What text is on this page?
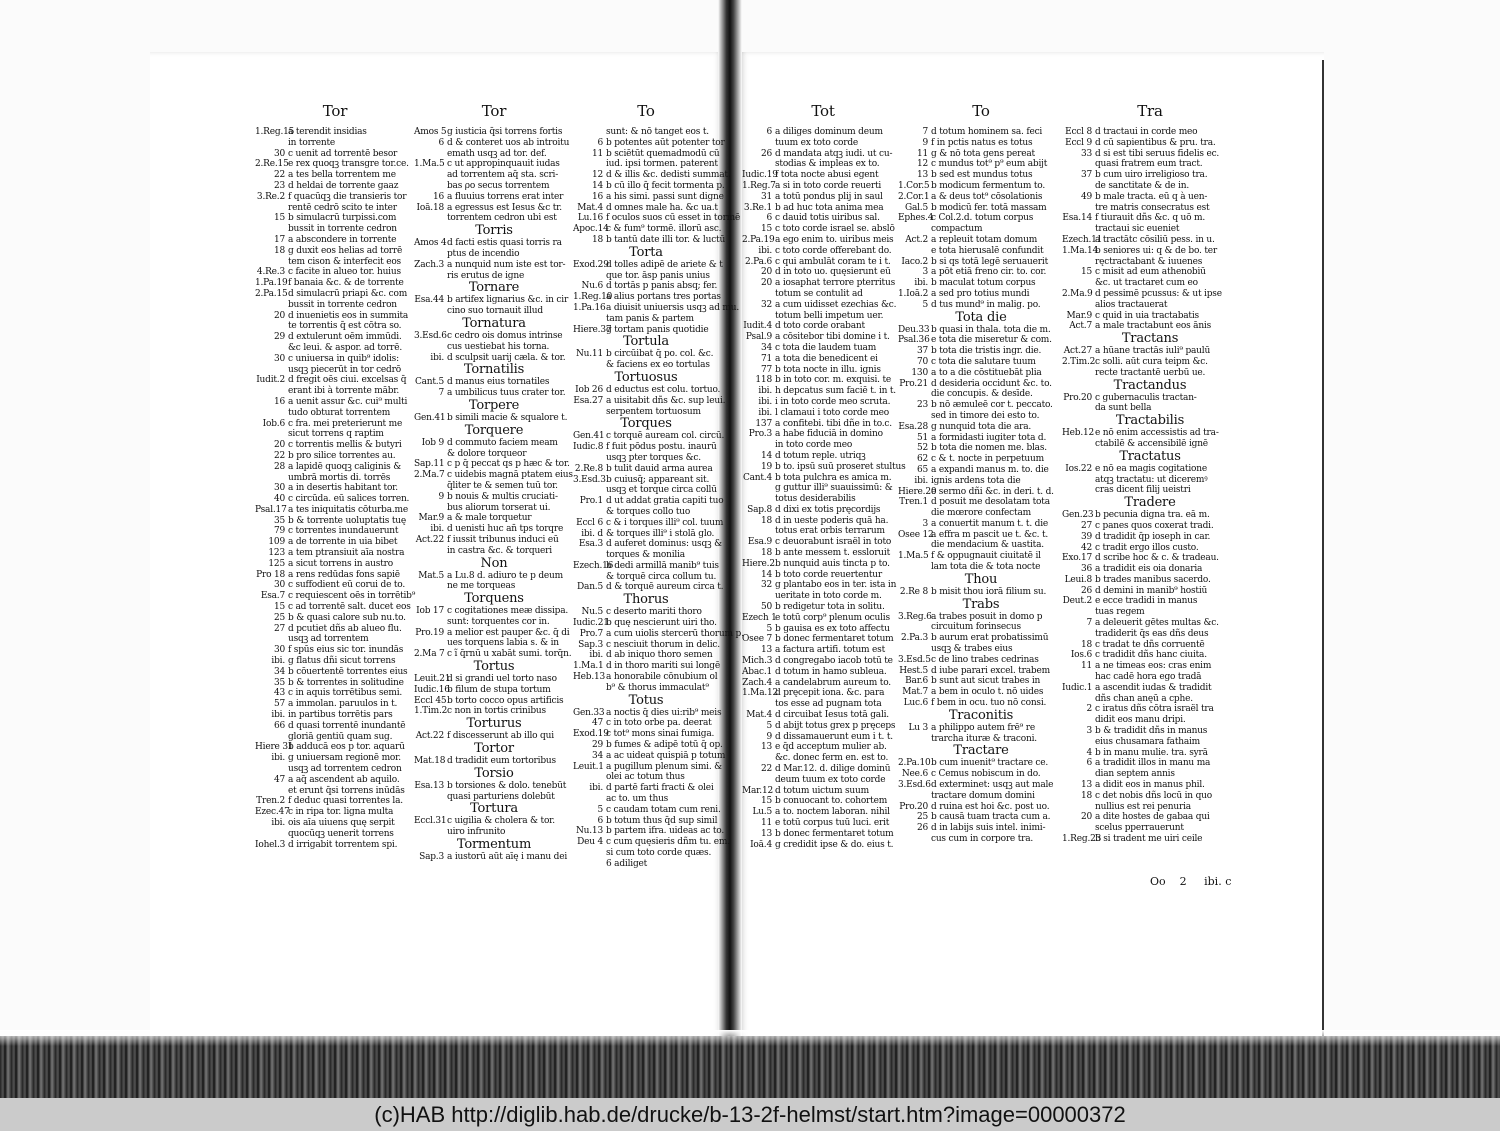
Tor
1.Reg.15
a terendit insidias
in torrente
30 c uenit ad torrentē besor
2.Re.15 e rex quoqꝫ transgre tor.ce.
22 a tes bella torrentem me
23 d heldai de torrente gaaz
3.Re.2 f quacūqꝫ die transieris tor
rentē cedrō scito te inter
15 b simulacrū turpissi.com
bussit in torrente cedron
17 a abscondere in torrente
18 g duxit eos helias ad torrē
tem cison & interfecit eos
4.Re.3 c facite in alueo tor. huius
1.Pa.19 f banaia &c. & de torrente
2.Pa.15 d simulacrū priapi &c. com
bussit in torrente cedron
20 d inuenietis eos in summita
te torrentis q̄ est cōtra so.
29 d extulerunt oēm immūdi.
&c leui. & aspor. ad torrē.
30 c uniuersa in quib⁹ idolis:
usqꝫ piecerūt in tor cedrō
Iudit.2 d fregit oēs ciui. excelsas q̄
erant ibi à torrente mābr.
16 a uenit assur &c. cui⁹ multi
tudo obturat torrentem
Iob.6 c fra. mei preterierunt me
sicut torrens q raptim
20 c torrentis mellis & butyri
22 b pro silice torrentes au.
28 a lapidē quoqꝫ caliginis &
umbrā mortis di. torrēs
30 a in desertis habitant tor.
40 c circūda. eū salices torren.
Psal.17 a tes iniquitatis cōturba.me
35 b & torrente uoluptatis tuę
79 c torrentes inundauerunt
109 a de torrente in uia bibet
123 a tem ptransiuit aīa nostra
125 a sicut torrens in austro
Pro 18 a rens redūdas fons sapiē
30 c suffodient eū corui de to.
Esa.7 c requiescent oēs in torrētib⁹
15 c ad torrentē salt. ducet eos
25 b & quasi calore sub nu.to.
27 d pcutiet dñs ab alueo flu.
usqꝫ ad torrentem
30 f spūs eius sic tor. inundās
ibi. g flatus dñi sicut torrens
34 b cōuertentē torrentes eius
35 b & torrentes in solitudine
43 c in aquis torrētibus semi.
57 a immolan. paruulos in t.
ibi. in partibus torrētis pars
66 d quasi torrentē inundantē
gloriā gentiū quam sug.
Hiere 31
b adducā eos p tor. aquarū
ibi. g uniuersam regionē mor.
usqꝫ ad torrentem cedron
47 a aq̄ ascendent ab aquilo.
et erunt q̄si torrens inūdās
Tren.2 f deduc quasi torrentes la.
Ezec.47
c in ripa tor. ligna multa
ibi. ois aīa uiuens quę serpit
quocūqꝫ uenerit torrens
Iohel.3 d irrigabit torrentem spi.
Tor
Amos 5 g iusticia q̄si torrens fortis
6 d & conteret uos ab introitu
emath usqꝫ ad tor. def.
1.Ma.5 c ut appropinquauit iudas
ad torrentem aq̄ sta. scri-
bas ρο secus torrentem
16 a fluuius torrens erat inter
Ioā.18 a egressus est Iesus &c tr.
torrentem cedron ubi est
Torris
Amos 4 d facti estis quasi torris ra
ptus de incendio
Zach.3 a nunquid num iste est tor-
ris erutus de igne
Tornare
Esa.44 b artifex lignarius &c. in cir
cino suo tornauit illud
Tornatura
3.Esd.6 c cedro ois domus intrinse
cus uestiebat his torna.
ibi. d sculpsit uarij cæla. & tor.
Tornatilis
Cant.5 d manus eius tornatiles
7 a umbilicus tuus crater tor.
Torpere
Gen.41 b simili macie & squalore t.
Torquere
Iob 9 d commuto faciem meam
& dolore torqueor
Sap.11 c p q̄ peccat qs p hæc & tor.
2.Ma.7 c uidebis magnā ptatem eius
q̄liter te & semen tuū tor.
9 b nouis & multis cruciati-
bus aliorum torserat ui.
Mar.9 a & male torquetur
ibi. d uenisti huc an̄ tps torqre
Act.22 f iussit tribunus induci eū
in castra &c. & torqueri
Non
Mat.5 a Lu.8 d. adiuro te p deum
ne me torqueas
Torquens
Iob 17 c cogitationes meæ dissipa.
sunt: torquentes cor in.
Pro.19 a melior est pauper &c. q̄ di
ues torquens labia s. & in
2.Ma 7 c ĩ q̄rnū u xabāt sumi. torq̄n.
Tortus
Leuit.21
d si grandi uel torto naso
Iudic.16
b filum de stupa tortum
Eccl 45 b torto cocco opus artificis
1.Tim.2 c non in tortis crinibus
Torturus
Act.22 f discesserunt ab illo qui
Tortor
Mat.18 d tradidit eum tortoribus
Torsio
Esa.13 b torsiones & dolo. tenebūt
quasi parturiens dolebūt
Tortura
Eccl.31 c uigilia & cholera & tor.
uiro infrunito
Tormentum
Sap.3 a iustorū aūt aīę i manu dei
To
sunt: & nō tanget eos t.
6 b potentes aūt potenter tor
11 b sciētūt quemadmodū cū
iud. ipsi tormen. paterent
12 d & illis &c. dedisti summat.
14 b cū illo q̄ fecit tormenta p.
16 a his simi. passi sunt digne
Mat.4 d omnes male ha. &c ua.t
Lu.16 f oculos suos cū esset in tormē
Apoc.14
c & fum⁹ tormē. illorū asc.
18 b tantū date illi tor. & luctū
Torta
Exod.29
d tolles adipē de ariete & t
que tor. āsp panis unius
Nu.6 d tortās p panis absq; fer.
1.Reg.10
a alius portans tres portas
1.Pa.16 a diuisit uniuersis usqꝫ ad mu.
tam panis & partem
Hiere.37
g tortam panis quotidie
Tortula
Nu.11 b circūibat q̄ po. col. &c.
& faciens ex eo tortulas
Tortuosus
Iob 26 d eductus est colu. tortuo.
Esa.27 a uisitabit dñs &c. sup leui.
serpentem tortuosum
Torques
Gen.41 c torquē auream col. circū.
Iudic.8 f fuit pōdus postu. inaurū
usqꝫ pter torques &c.
2.Re.8 b tulit dauid arma aurea
3.Esd.3 b cuiusq̄; appareant sit.
usqꝫ et torque circa collū
Pro.1 d ut addat gratia capiti tuo
& torques collo tuo
Eccl 6 c & i torques illi⁹ col. tuum
ibi. d & torques illi⁹ i stolā glo.
Esa.3 d auferet dominus: usqꝫ &
torques & monilia
Ezech.16
b dedi armillā manib⁹ tuis
& torquē circa collum tu.
Dan.5 d & torquē aureum circa t.
Thorus
Nu.5 c deserto mariti thoro
Iudic.21
b quę nescierunt uiri tho.
Pro.7 a cum uiolis stercerū thorum p.
Sap.3 c nesciuit thorum in delic.
ibi. d ab iniquo thoro semen
1.Ma.1 d in thoro mariti sui longē
Heb.13 a honorabile cōnubium ol
b⁹ & thorus immaculat⁹
Totus
Gen.33 a noctis q̄ dies ui:rib⁹ meis
47 c in toto orbe pa. deerat
Exod.19
c tot⁹ mons sinai fumiga.
29 b fumes & adipē totū q̄ op.
34 a ac uideat quispiā p totum
Leuit.1 a pugillum plenum simi. &
olei ac totum thus
ibi. d partē farti fracti & olei
ac to. um thus
5 c caudam totam cum reni.
6 b totum thus q̄d sup simil
Nu.13 b partem ifra. uideas ac to.
Deu 4 c cum quęsieris dñm tu. em.
si cum toto corde quæs.
6 adiliget
Tot
6 a diliges dominum deum
tuum ex toto corde
26 d mandata atqꝫ iudi. ut cu-
stodias & impleas ex to.
Iudic.19
f tota nocte abusi egent
1.Reg.7 a si in toto corde reuerti
31 a totū pondus plij in saul
3.Re.1 b ad huc tota anima mea
6 c dauid totis uiribus sal.
15 c toto corde israel se. abslō
2.Pa.19 a ego enim to. uiribus meis
ibi. c toto corde offerebant do.
2.Pa.6 c qui ambulāt coram te i t.
20 d in toto uo. quęsierunt eū
20 a iosaphat terrore pterritus
totum se contulit ad
32 a cum uidisset ezechias &c.
totum belli impetum uer.
Iudit.4 d toto corde orabant
Psal.9 a cōsitebor tibi domine i t.
34 c tota die laudem tuam
71 a tota die benedicent ei
77 b tota nocte in illu. ignis
118 b in toto cor. m. exquisi. te
ibi. h depcatus sum faciē t. in t.
ibi. i in toto corde meo scruta.
ibi. l clamaui i toto corde meo
137 a confitebi. tibi dñe in to.c.
Pro.3 a habe fiduciā in domino
in toto corde meo
14 d totum reple. utriqꝫ
19 b to. ipsū suū proseret stultus
Cant.4 b tota pulchra es amica m.
g guttur illi⁹ suauissimū: &
totus desiderabilis
Sap.8 d dixi ex totis pręcordijs
18 d in ueste poderis quā ha.
totus erat orbis terrarum
Esa.9 c deuorabunt israël in toto
18 b ante messem t. essloruit
Hiere.2 b nunquid auis tincta p to.
14 b toto corde reuertentur
32 g plantabo eos in ter. ista in
ueritate in toto corde m.
50 b redigetur tota in solitu.
Ezech 1
e totū corp⁹ plenum oculis
5 b gauisa es ex toto affectu
Osee 7 b donec fermentaret totum
13 a factura artifi. totum est
Mich.3 d congregabo iacob totū te
Abac.1 d totum in hamo subleua.
Zach.4 a candelabrum aureum to.
1.Ma.12
d pręcepit iona. &c. para
tos esse ad pugnam tota
Mat.4 d circuibat Iesus totā gali.
5 d abijt totus grex p pręceps
9 d dissamauerunt eum i t. t.
13 e q̄d acceptum mulier ab.
&c. donec ferm en. est to.
22 d Mar.12. d. dilige dominū
deum tuum ex toto corde
Mar.12 d totum uictum suum
15 b conuocant to. cohortem
Lu.5 a to. noctem laboran. nihil
11 e totū corpus tuū luci. erit
13 b donec fermentaret totum
Ioā.4 g credidit ipse & do. eius t.
To
7 d totum hominem sa. feci
9 f in pctis natus es totus
11 g & nō tota gens pereat
12 c mundus tot⁹ p⁹ eum abijt
13 b sed est mundus totus
1.Cor.5 b modicum fermentum to.
2.Cor.1 a & deus tot⁹ cōsolationis
Gal.5 b modicū fer. totā massam
Ephes.4
c Col.2.d. totum corpus
compactum
Act.2 a repleuit totam domum
e tota hierusalē confundit
Iaco.2 b si qs totā legē seruauerit
3 a pōt etiā freno cir. to. cor.
ibi. b maculat totum corpus
1.Ioā.2 a sed pro totius mundi
5 d tus mund⁹ in malig. po.
Tota die
Deu.33 b quasi in thala. tota die m.
Psal.36 e tota die miseretur & com.
37 b tota die tristis ingr. die.
70 c tota die salutare tuum
130 a to a die cōstituebāt plia
Pro.21 d desideria occidunt &c. to.
die concupis. & desīde.
23 b nō æmuleē cor t. peccato.
sed in timore dei esto to.
Esa.28 g nunquid tota die ara.
51 a formidasti iugiter tota d.
52 b tota die nomen me. blas.
62 c & t. nocte in perpetuum
65 a expandi manus m. to. die
ibi. ignis ardens tota die
Hiere.20
e sermo dñi &c. in deri. t. d.
Tren.1 d posuit me desolatam tota
die mœrore confectam
3 a conuertit manum t. t. die
Osee 12
a effra m pascit ue t. &c. t.
die mendacium & uastita.
1.Ma.5 f & oppugnauit ciuitatē il
lam tota die & tota nocte
Thou
2.Re 8 b misit thou iorā filium su.
Trabs
3.Reg.6 a trabes posuit in domo p
circuitum forinsecus
2.Pa.3 b aurum erat probatissimū
usqꝫ & trabes eius
3.Esd.5 c de lino trabes cedrinas
Hest.5 d iube parari excel. trabem
Bar.6 b sunt aut sicut trabes in
Mat.7 a bem in oculo t. nō uides
Luc.6 f bem in ocu. tuo nō consi.
Traconitis
Lu 3 a philippo autem frē⁹ re
trarcha ituræ & traconi.
Tractare
2.Pa.10 b cum inuenit⁹ tractare ce.
Nee.6 c Cemus nobiscum in do.
3.Esd.6 d exterminet: usqꝫ aut male
tractare domum domini
Pro.20 d ruina est hoi &c. post uo.
25 b causā tuam tracta cum a.
26 d in labijs suis intel. inimi-
cus cum in corpore tra.
Tra
Eccl 8 d tractaui in corde meo
Eccl 9 d cū sapientibus & pru. tra.
33 d si est tibi seruus fidelis ec.
quasi fratrem eum tract.
37 b cum uiro irreligioso tra.
de sanctitate & de in.
49 b male tracta. eū q à uen-
tre matris consecratus est
Esa.14 f tiurauit dñs &c. q uō m.
tractaui sic eueniet
Ezech.11
a tractātc cōsiliū pess. in u.
1.Ma.14
b seniores ui: q & de bo. ter
ręctractabant & iuuenes
15 c misit ad eum athenobiū
&c. ut tractaret cum eo
2.Ma.9 d pessimē pcussus: & ut ipse
alios tractauerat
Mar.9 c quid in uia tractabatis
Act.7 a male tractabunt eos ānis
Tractans
Act.27 a hūane tractās iuli⁹ paulū
2.Tim.2 c solli. aūt cura teipm &c.
recte tractantē uerbū ue.
Tractandus
Pro.20 c gubernaculis tractan-
da sunt bella
Tractabilis
Heb.12 e nō enim accessistis ad tra-
ctabilē & accensibilē ignē
Tractatus
Ios.22 e nō ea magis cogitatione
atqꝫ tractatu: ut diceremꝰ
cras dicent filij ueistri
Tradere
Gen.23 b pecunia digna tra. eā m.
27 c panes quos coxerat tradi.
39 d tradidit q̄p ioseph in car.
42 c tradit ergo illos custo.
Exo.17 d scribe hoc & c. & tradeau.
36 a tradidit eis oia donaria
Leui.8 b trades manibus sacerdo.
26 d demini in manib⁹ hostiū
Deut.2 e ecce tradidi in manus
tuas regem
7 a deleuerit gētes multas &c.
tradiderit q̄s eas dñs deus
18 c tradat te dñs corruentē
Ios.6 c tradidit dñs hanc ciuita.
11 a ne timeas eos: cras enim
hac cadē hora ego tradā
Iudic.1 a ascendit iudas & tradidit
dñs chan anęū a cphe.
2 c iratus dñs cōtra israël tra
didit eos manu dripi.
3 b & tradidit dñs in manus
eius chusamara fathaim
4 b in manu mulie. tra. syrā
6 a tradidit illos in manu ma
dian septem annis
13 a didit eos in manus phil.
18 c det nobis dñs locū in quo
nullius est rei penuria
20 a dite hostes de gabaa qui
scelus pperrauerunt
1.Reg.23
b si tradent me uiri ceile
Oo 2 ibi. c
(c)HAB http://diglib.hab.de/drucke/b-13-2f-helmst/start.htm?image=00000372
